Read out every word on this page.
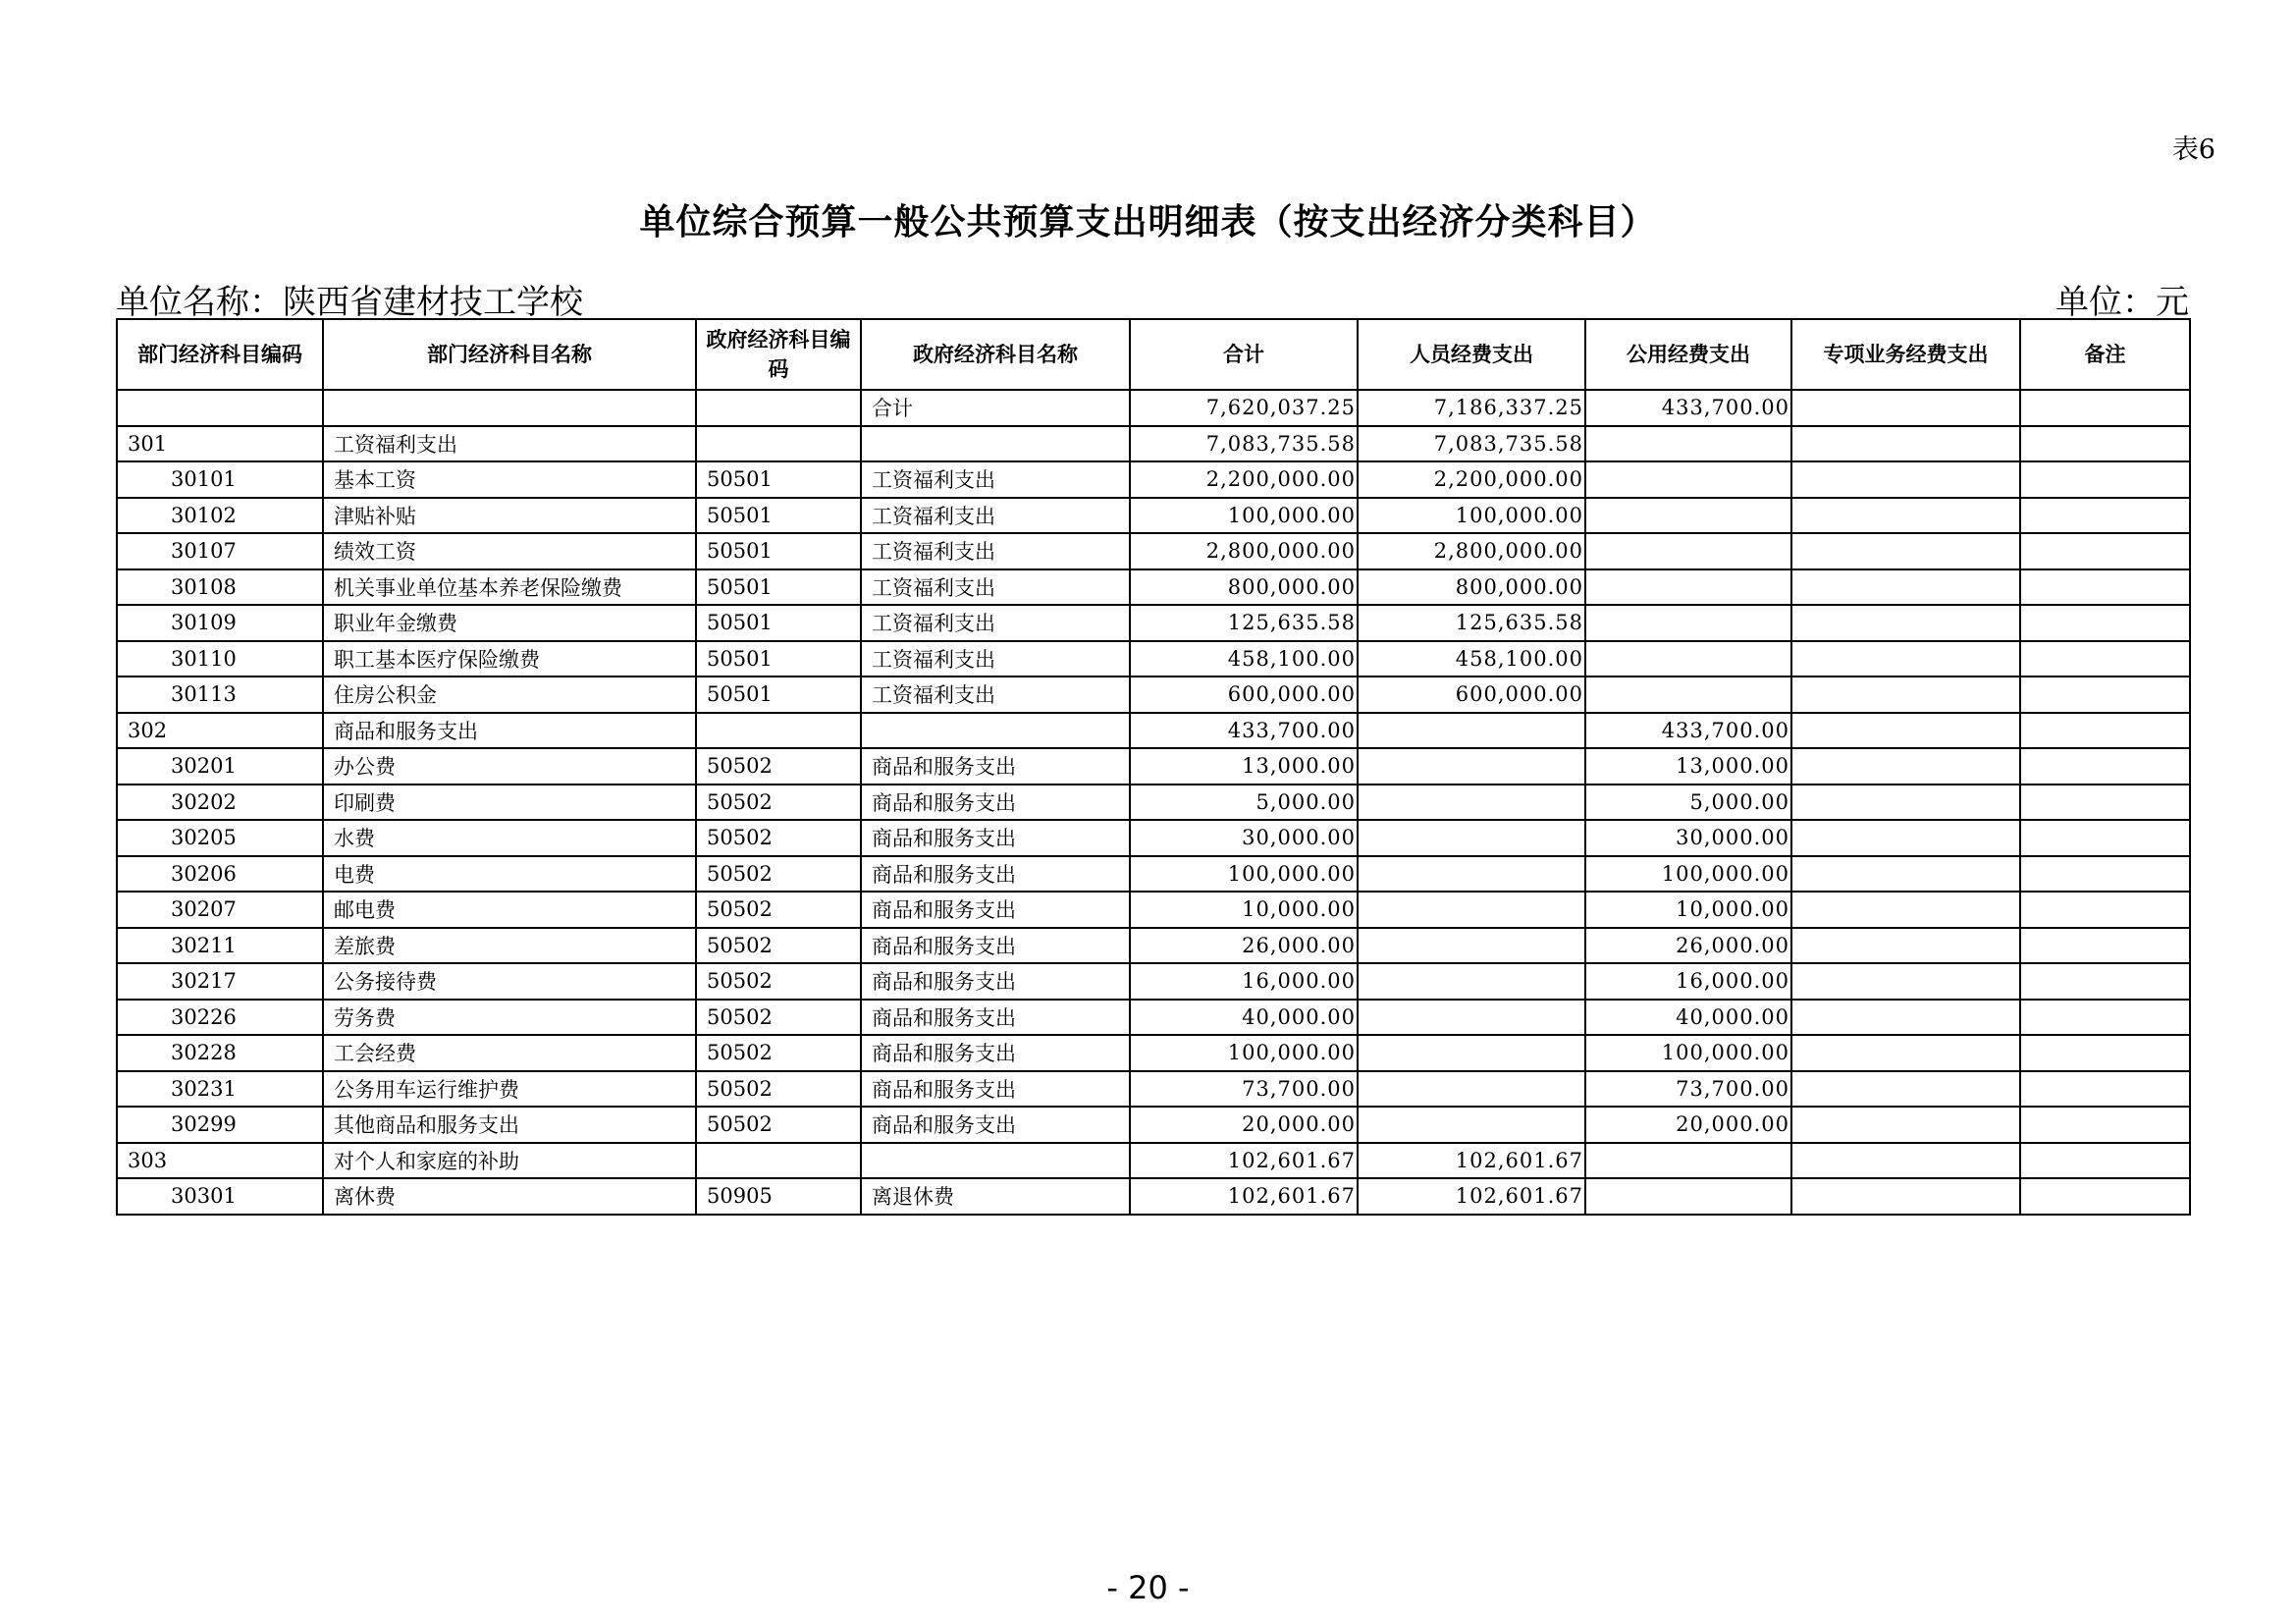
表6
单位综合预算一般公共预算支出明细表（按支出经济分类科目）
单位名称：陕西省建材技工学校	单位：元
部门经济科目编码	部门经济科目名称	政府经济科目编码	政府经济科目名称	合计	人员经费支出	公用经费支出	专项业务经费支出	备注
			合计	7,620,037.25	7,186,337.25	433,700.00		
301	工资福利支出			7,083,735.58	7,083,735.58			
30101	基本工资	50501	工资福利支出	2,200,000.00	2,200,000.00			
30102	津贴补贴	50501	工资福利支出	100,000.00	100,000.00			
30107	绩效工资	50501	工资福利支出	2,800,000.00	2,800,000.00			
30108	机关事业单位基本养老保险缴费	50501	工资福利支出	800,000.00	800,000.00			
30109	职业年金缴费	50501	工资福利支出	125,635.58	125,635.58			
30110	职工基本医疗保险缴费	50501	工资福利支出	458,100.00	458,100.00			
30113	住房公积金	50501	工资福利支出	600,000.00	600,000.00			
302	商品和服务支出			433,700.00		433,700.00		
30201	办公费	50502	商品和服务支出	13,000.00		13,000.00		
30202	印刷费	50502	商品和服务支出	5,000.00		5,000.00		
30205	水费	50502	商品和服务支出	30,000.00		30,000.00		
30206	电费	50502	商品和服务支出	100,000.00		100,000.00		
30207	邮电费	50502	商品和服务支出	10,000.00		10,000.00		
30211	差旅费	50502	商品和服务支出	26,000.00		26,000.00		
30217	公务接待费	50502	商品和服务支出	16,000.00		16,000.00		
30226	劳务费	50502	商品和服务支出	40,000.00		40,000.00		
30228	工会经费	50502	商品和服务支出	100,000.00		100,000.00		
30231	公务用车运行维护费	50502	商品和服务支出	73,700.00		73,700.00		
30299	其他商品和服务支出	50502	商品和服务支出	20,000.00		20,000.00		
303	对个人和家庭的补助			102,601.67	102,601.67			
30301	离休费	50905	离退休费	102,601.67	102,601.67			
- 20 -
